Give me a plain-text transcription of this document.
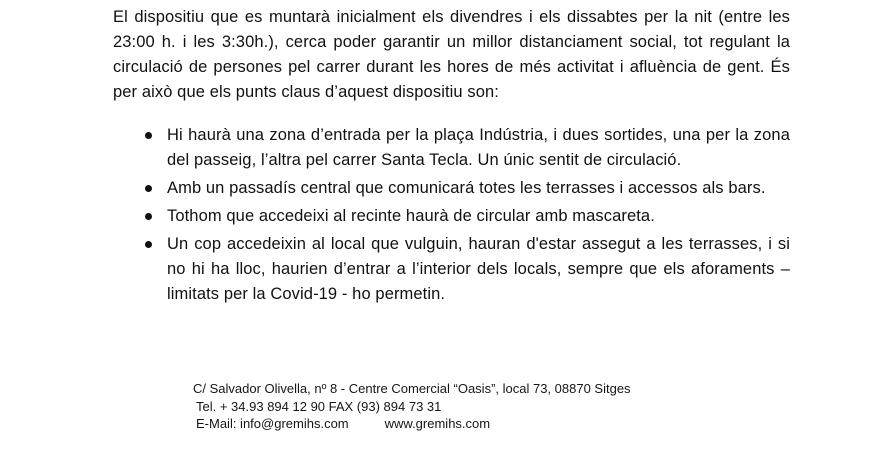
El dispositiu que es muntarà inicialment els divendres i els dissabtes per la nit (entre les 23:00 h. i les 3:30h.), cerca poder garantir un millor distanciament social, tot regulant la circulació de persones pel carrer durant les hores de més activitat i afluència de gent. És per això que els punts claus d’aquest dispositiu son:

Hi haurà una zona d’entrada per la plaça Indústria, i dues sortides, una per la zona del passeig, l’altra pel carrer Santa Tecla. Un únic sentit de circulació.
Amb un passadís central que comunicará totes les terrasses i accessos als bars.
Tothom que accedeixi al recinte haurà de circular amb mascareta.
Un cop accedeixin al local que vulguin, hauran d'estar assegut a les terrasses, i si no hi ha lloc, haurien d’entrar a l’interior dels locals, sempre que els aforaments – limitats per la Covid-19 - ho permetin.

C/ Salvador Olivella, nº 8 - Centre Comercial “Oasis”, local 73, 08870 Sitges

Tel. + 34.93 894 12 90 FAX (93) 894 73 31

E-Mail: info@gremihs.com	www.gremihs.com
